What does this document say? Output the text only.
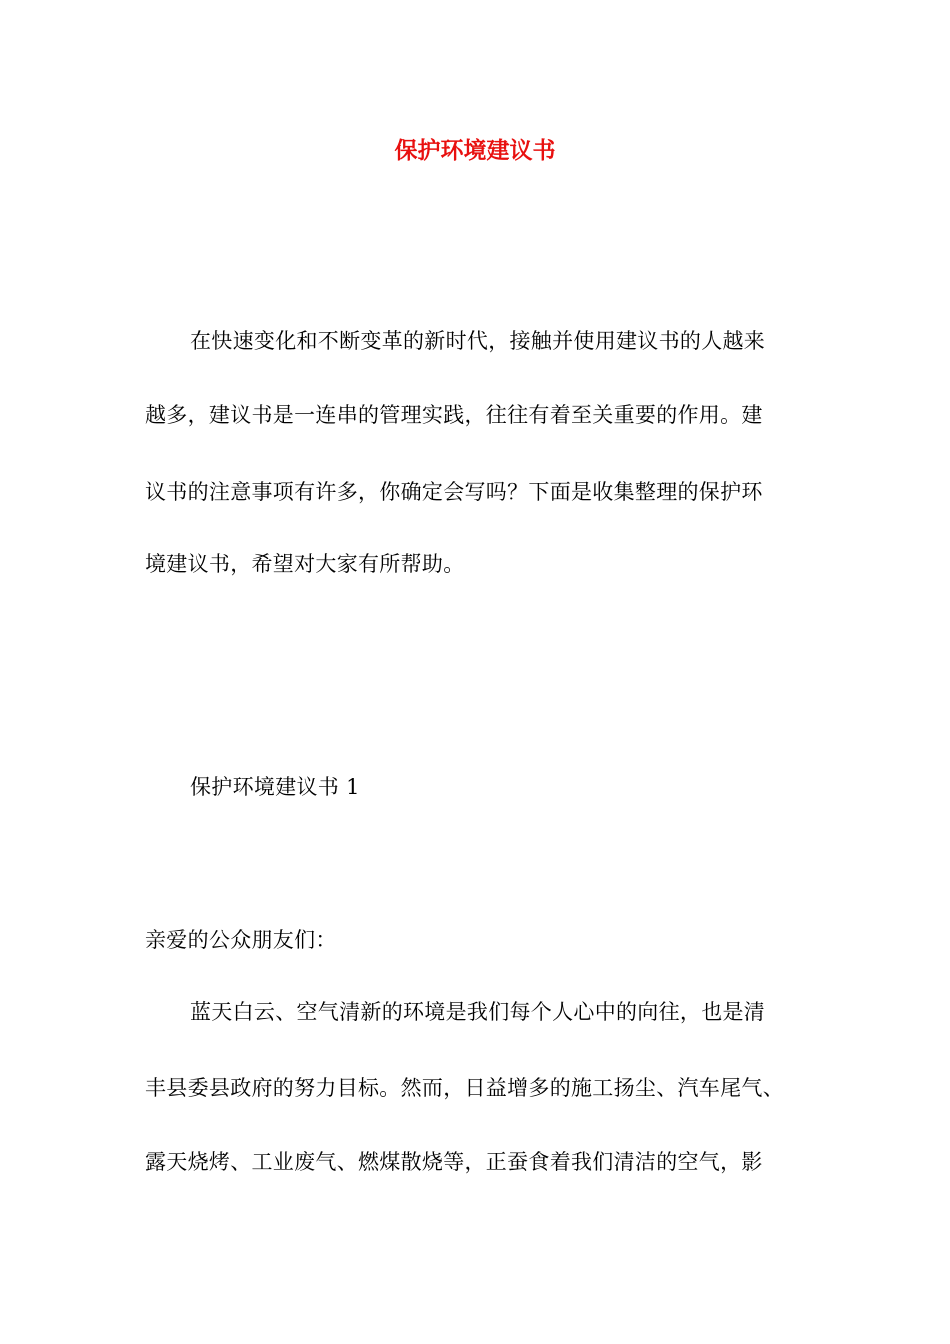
保护环境建议书
在快速变化和不断变革的新时代，接触并使用建议书的人越来
越多，建议书是一连串的管理实践，往往有着至关重要的作用。建
议书的注意事项有许多，你确定会写吗？下面是收集整理的保护环
境建议书，希望对大家有所帮助。
保护环境建议书 1
亲爱的公众朋友们：
蓝天白云、空气清新的环境是我们每个人心中的向往，也是清
丰县委县政府的努力目标。然而，日益增多的施工扬尘、汽车尾气、
露天烧烤、工业废气、燃煤散烧等，正蚕食着我们清洁的空气，影
